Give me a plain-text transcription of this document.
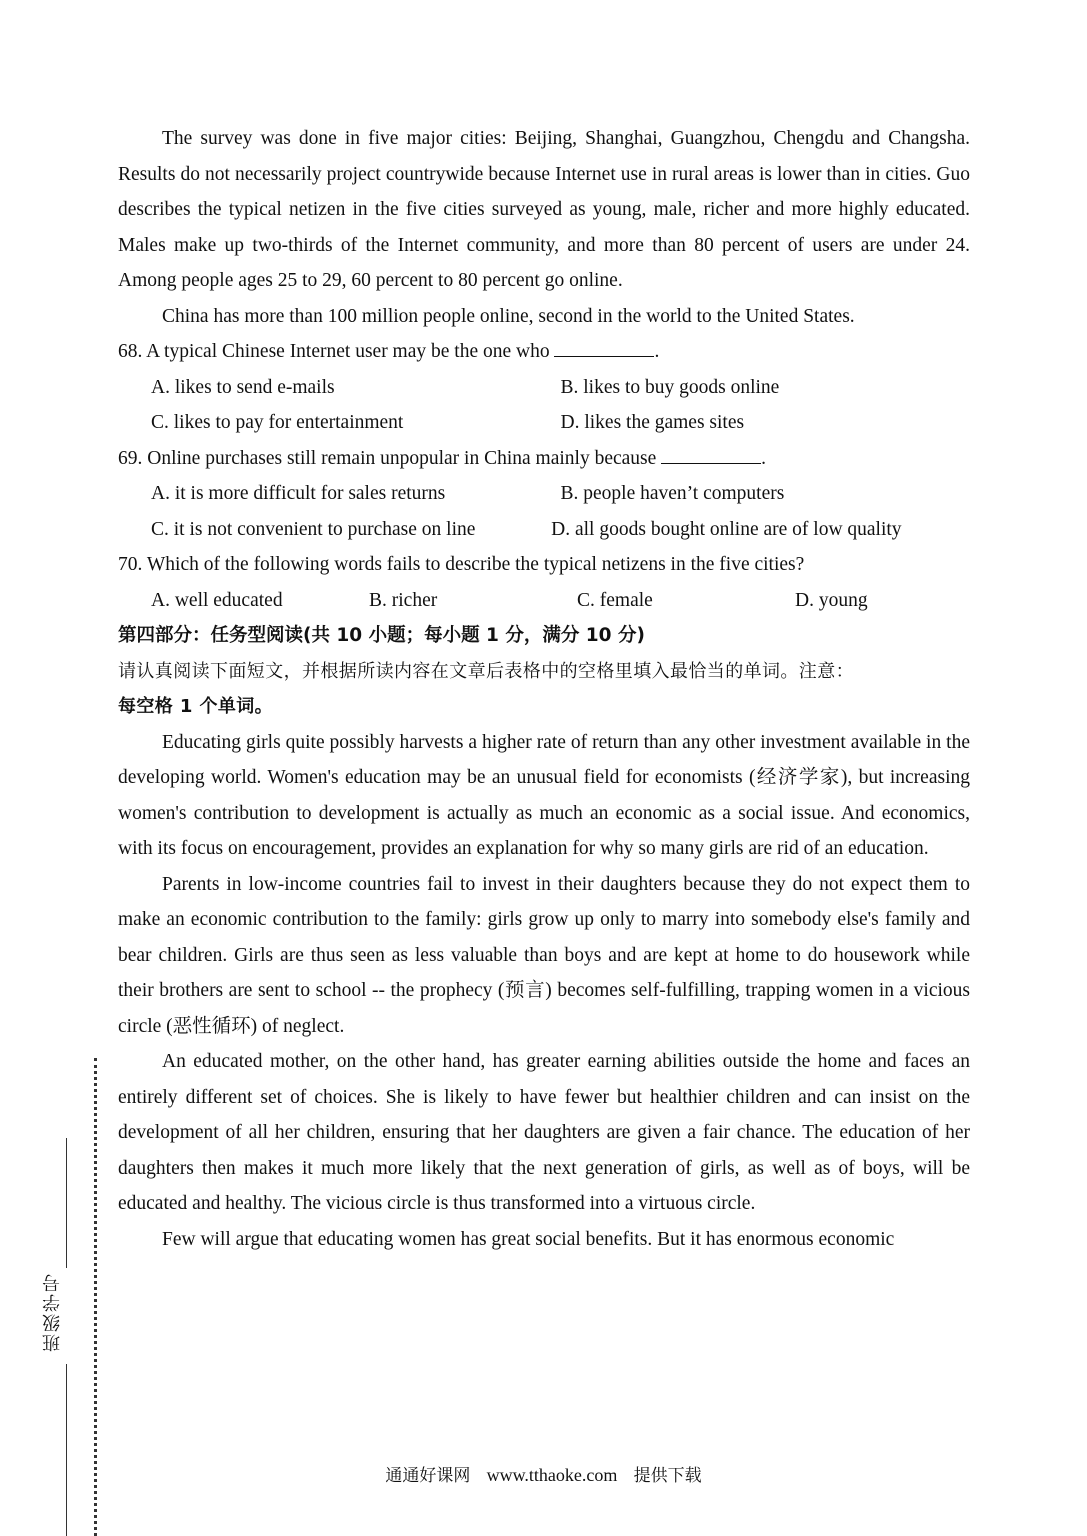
The survey was done in five major cities: Beijing, Shanghai, Guangzhou, Chengdu and Changsha. Results do not necessarily project countrywide because Internet use in rural areas is lower than in cities. Guo describes the typical netizen in the five cities surveyed as young, male, richer and more highly educated. Males make up two-thirds of the Internet community, and more than 80 percent of users are under 24. Among people ages 25 to 29, 60 percent to 80 percent go online.

China has more than 100 million people online, second in the world to the United States.

68. A typical Chinese Internet user may be the one who	.

A. likes to send e-mails	B. likes to buy goods online
C. likes to pay for entertainment	D. likes the games sites

69. Online purchases still remain unpopular in China mainly because	.

A. it is more difficult for sales returns	B. people haven’t computers
C. it is not convenient to purchase on line	D. all goods bought online are of low quality

70. Which of the following words fails to describe the typical netizens in the five cities?

A. well educated	B. richer	C. female	D. young

第四部分：任务型阅读(共 10 小题；每小题 1 分，满分 10 分)

请认真阅读下面短文，并根据所读内容在文章后表格中的空格里填入最恰当的单词。注意：

每空格 1 个单词。

Educating girls quite possibly harvests a higher rate of return than any other investment available in the developing world. Women's education may be an unusual field for economists (经济学家), but increasing women's contribution to development is actually as much an economic as a social issue. And economics, with its focus on encouragement, provides an explanation for why so many girls are rid of an education.

Parents in low-income countries fail to invest in their daughters because they do not expect them to make an economic contribution to the family: girls grow up only to marry into somebody else's family and bear children. Girls are thus seen as less valuable than boys and are kept at home to do housework while their brothers are sent to school -- the prophecy (预言) becomes self-fulfilling, trapping women in a vicious circle (恶性循环) of neglect.

An educated mother, on the other hand, has greater earning abilities outside the home and faces an entirely different set of choices. She is likely to have fewer but healthier children and can insist on the development of all her children, ensuring that her daughters are given a fair chance. The education of her daughters then makes it much more likely that the next generation of girls, as well as of boys, will be educated and healthy. The vicious circle is thus transformed into a virtuous circle.

Few will argue that educating women has great social benefits. But it has enormous economic

班级学号
通通好课网 www.tthaoke.com 提供下载
